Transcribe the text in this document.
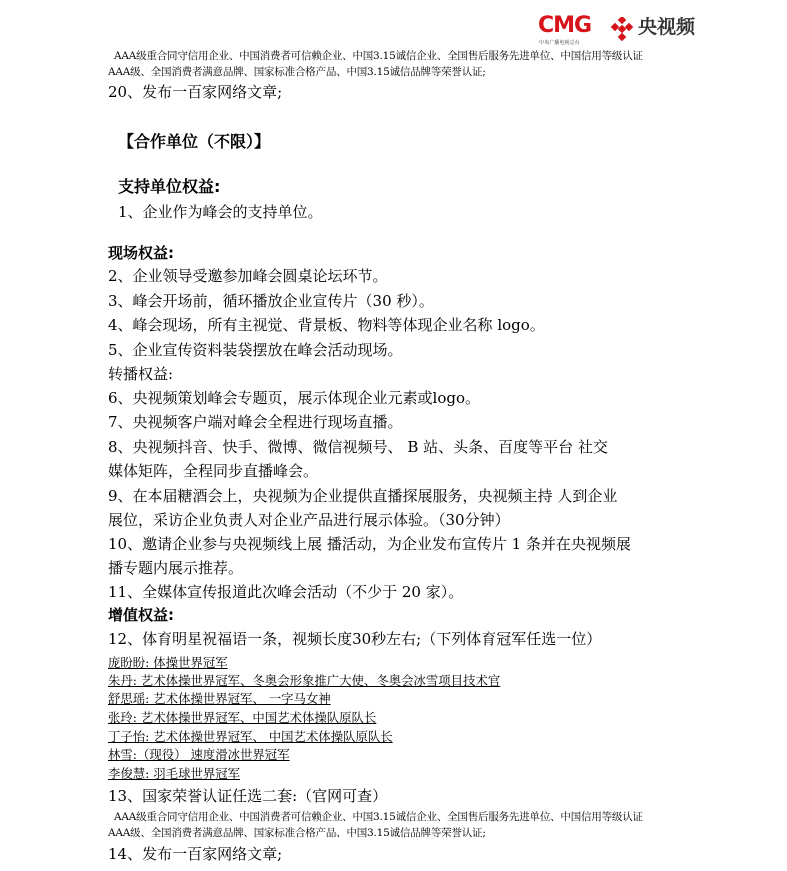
CMG
中央广播电视总台
央视频
AAA级重合同守信用企业、中国消费者可信赖企业、中国3.15诚信企业、全国售后服务先进单位、中国信用等级认证
AAA级、全国消费者满意品牌、国家标准合格产品、中国3.15诚信品牌等荣誉认证;
20、发布一百家网络文章;
【合作单位（不限）】
支持单位权益:
1、企业作为峰会的支持单位。
现场权益:
2、企业领导受邀参加峰会圆桌论坛环节。
3、峰会开场前，循环播放企业宣传片（30 秒）。
4、峰会现场，所有主视觉、背景板、物料等体现企业名称 logo。
5、企业宣传资料装袋摆放在峰会活动现场。
转播权益:
6、央视频策划峰会专题页，展示体现企业元素或logo。
7、央视频客户端对峰会全程进行现场直播。
8、央视频抖音、快手、微博、微信视频号、 B 站、头条、百度等平台 社交
媒体矩阵，全程同步直播峰会。
9、在本届糖酒会上，央视频为企业提供直播探展服务，央视频主持 人到企业
展位，采访企业负责人对企业产品进行展示体验。（30分钟）
10、邀请企业参与央视频线上展 播活动，为企业发布宣传片 1 条并在央视频展
播专题内展示推荐。
11、全媒体宣传报道此次峰会活动（不少于 20 家）。
增值权益:
12、体育明星祝福语一条，视频长度30秒左右;（下列体育冠军任选一位）
庞盼盼: 体操世界冠军
朱丹: 艺术体操世界冠军、冬奥会形象推广大使、冬奥会冰雪项目技术官
舒思瑶: 艺术体操世界冠军、 一字马女神
张玲: 艺术体操世界冠军、中国艺术体操队原队长
丁子怡: 艺术体操世界冠军、 中国艺术体操队原队长
林雪:（现役） 速度滑冰世界冠军
李俊慧: 羽毛球世界冠军
13、国家荣誉认证任选二套:（官网可查）
AAA级重合同守信用企业、中国消费者可信赖企业、中国3.15诚信企业、全国售后服务先进单位、中国信用等级认证
AAA级、全国消费者满意品牌、国家标准合格产品、中国3.15诚信品牌等荣誉认证;
14、发布一百家网络文章;
